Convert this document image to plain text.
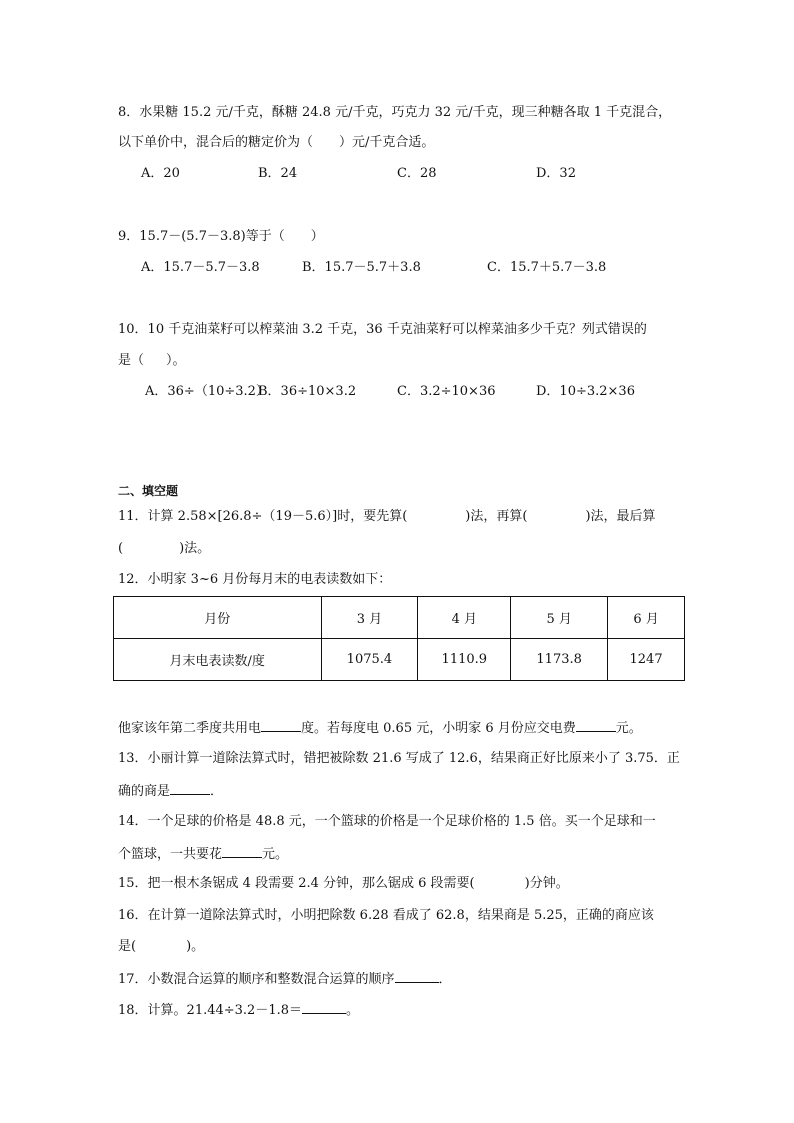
8．水果糖 15.2 元/千克，酥糖 24.8 元/千克，巧克力 32 元/千克，现三种糖各取 1 千克混合，
以下单价中，混合后的糖定价为（ ）元/千克合适。
A．20	B．24	C．28	D．32
9．15.7－(5.7－3.8)等于（ ）
A．15.7－5.7－3.8	B．15.7－5.7＋3.8	C．15.7＋5.7－3.8
10．10 千克油菜籽可以榨菜油 3.2 千克，36 千克油菜籽可以榨菜油多少千克？列式错误的
是（ ）。
A．36÷（10÷3.2）
B．36÷10×3.2	C．3.2÷10×36	D．10÷3.2×36
二、填空题
11．计算 2.58×[26.8÷（19－5.6）]时，要先算(	)法，再算(	)法，最后算
(	)法。
12．小明家 3~6 月份每月末的电表读数如下：
月份	3 月	4 月	5 月	6 月
月末电表读数/度	1075.4	1110.9	1173.8	1247
他家该年第二季度共用电	度。若每度电 0.65 元，小明家 6 月份应交电费	元。
13．小丽计算一道除法算式时，错把被除数 21.6 写成了 12.6，结果商正好比原来小了 3.75．正
确的商是	．
14．一个足球的价格是 48.8 元，一个篮球的价格是一个足球价格的 1.5 倍。买一个足球和一
个篮球，一共要花	元。
15．把一根木条锯成 4 段需要 2.4 分钟，那么锯成 6 段需要(	)分钟。
16．在计算一道除法算式时，小明把除数 6.28 看成了 62.8，结果商是 5.25，正确的商应该
是(	)。
17．小数混合运算的顺序和整数混合运算的顺序	．
18．计算。21.44÷3.2－1.8＝	。
